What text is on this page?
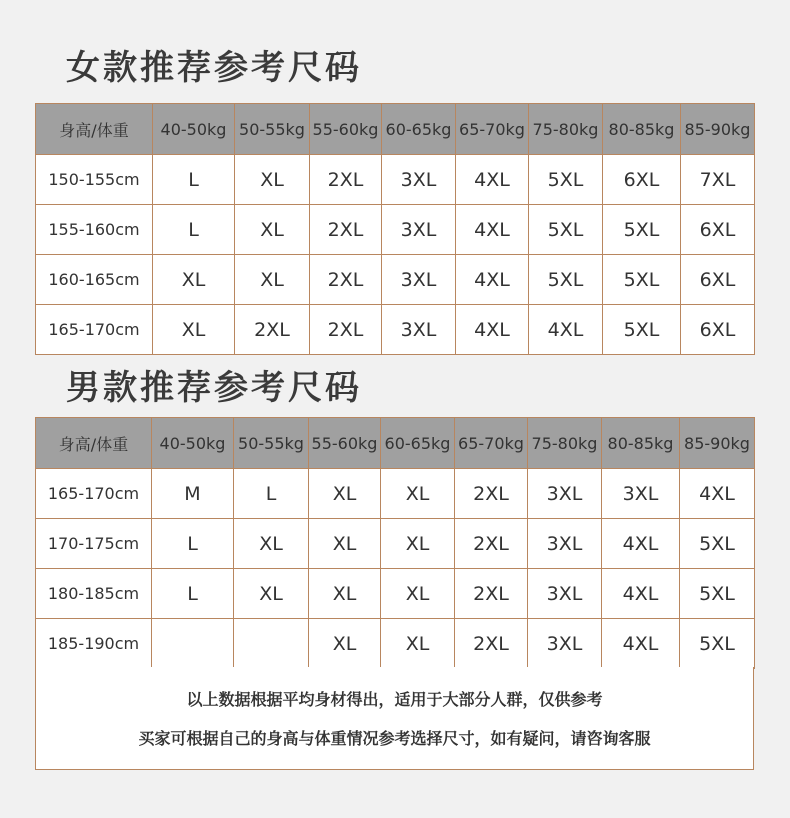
女款推荐参考尺码
身高/体重	40-50kg	50-55kg	55-60kg	60-65kg	65-70kg	75-80kg	80-85kg	85-90kg
150-155cm	L	XL	2XL	3XL	4XL	5XL	6XL	7XL
155-160cm	L	XL	2XL	3XL	4XL	5XL	5XL	6XL
160-165cm	XL	XL	2XL	3XL	4XL	5XL	5XL	6XL
165-170cm	XL	2XL	2XL	3XL	4XL	4XL	5XL	6XL
男款推荐参考尺码
身高/体重	40-50kg	50-55kg	55-60kg	60-65kg	65-70kg	75-80kg	80-85kg	85-90kg
165-170cm	M	L	XL	XL	2XL	3XL	3XL	4XL
170-175cm	L	XL	XL	XL	2XL	3XL	4XL	5XL
180-185cm	L	XL	XL	XL	2XL	3XL	4XL	5XL
185-190cm			XL	XL	2XL	3XL	4XL	5XL

以上数据根据平均身材得出，适用于大部分人群，仅供参考

买家可根据自己的身高与体重情况参考选择尺寸，如有疑问，请咨询客服
